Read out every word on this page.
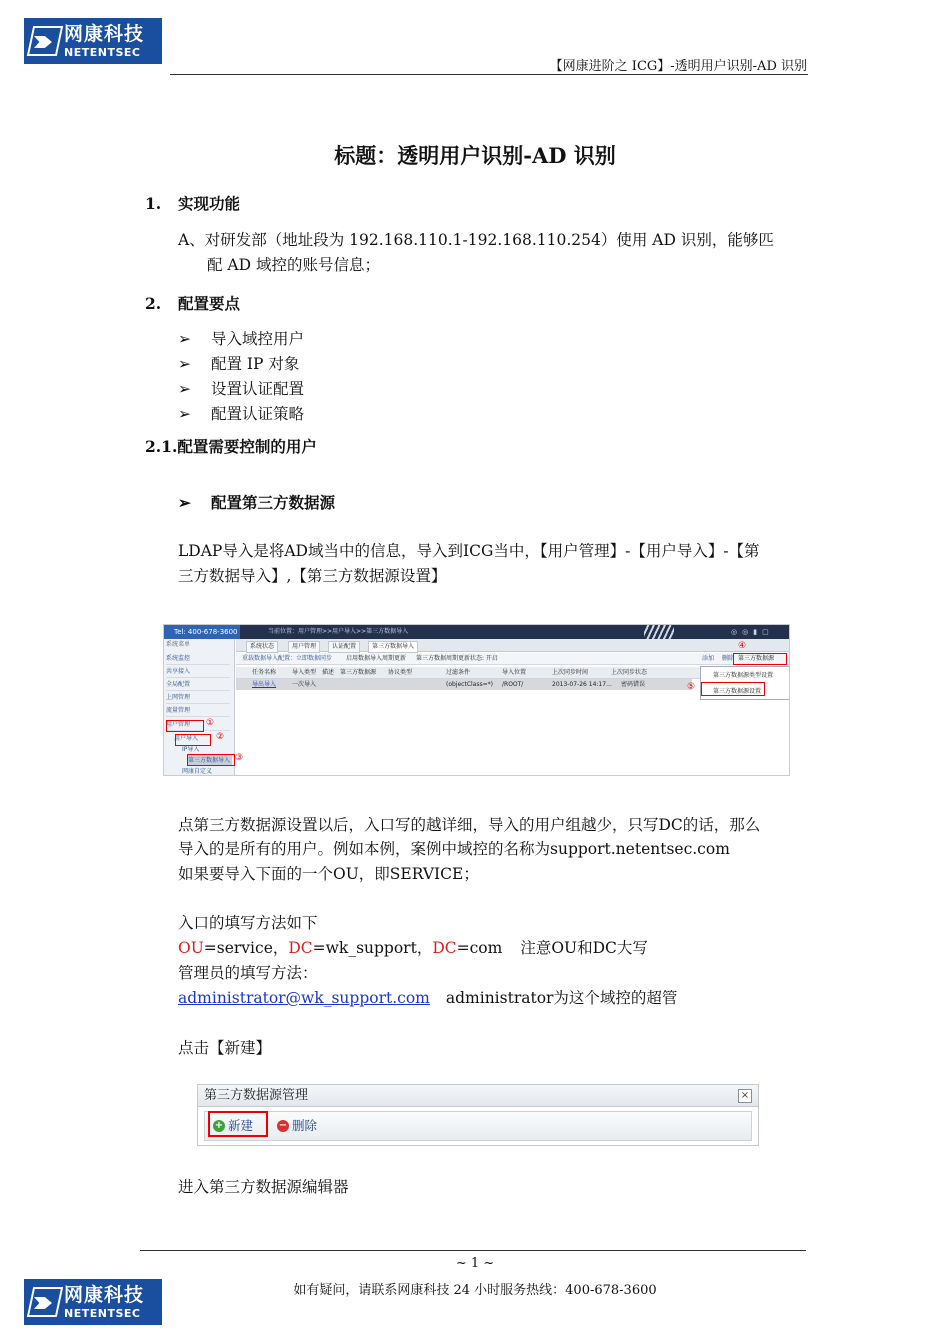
网康科技
NETENTSEC
【网康进阶之 ICG】-透明用户识别-AD 识别
标题：透明用户识别-AD 识别
1. 实现功能
A、对研发部（地址段为 192.168.110.1-192.168.110.254）使用 AD 识别，能够匹
配 AD 域控的账号信息；
2. 配置要点
➢ 导入域控用户
➢ 配置 IP 对象
➢ 设置认证配置
➢ 配置认证策略
2.1.配置需要控制的用户
➢ 配置第三方数据源
LDAP导入是将AD域当中的信息，导入到ICG当中，【用户管理】-【用户导入】-【第
三方数据导入】,【第三方数据源设置】
Tel: 400-678-3600	当前位置：用户管理>>用户导入>>第三方数据导入	◎◎▮▢
系统菜单
系统监控
共享接入
全局配置
上网管理
流量管理
用户管理
用户导入
IP导入
第三方数据导入
网康自定义
①
②
③
系统状态	用户管理	认证配置	第三方数据导入
重载数据导入配置：立即数据同步 启用数据导入周期更新 第三方数据周期更新状态: 开启	添加 删除 第三方数据源
④
任务名称	导入类型 描述 第三方数据源 协议类型	过滤条件	导入位置	上次同步时间	上次同步状态
导出导入	一次导入	(objectClass=*) /ROOT/	2013-07-26 14:17... 密码错误
第三方数据源类型设置
第三方数据源设置
⑤
点第三方数据源设置以后，入口写的越详细，导入的用户组越少，只写DC的话，那么
导入的是所有的用户。例如本例，案例中域控的名称为support.netentsec.com
如果要导入下面的一个OU，即SERVICE；
入口的填写方法如下
OU=service，DC=wk_support，DC=com 注意OU和DC大写
管理员的填写方法：
administrator@wk_support.com administrator为这个域控的超管
点击【新建】
第三方数据源管理	×
+ 新建	− 删除
进入第三方数据源编辑器
~ 1 ~
如有疑问，请联系网康科技 24 小时服务热线：400-678-3600
网康科技
NETENTSEC
